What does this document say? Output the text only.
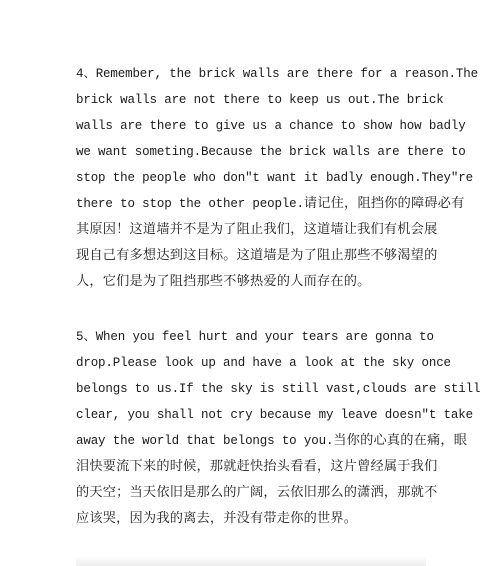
4、Remember, the brick walls are there for a reason.The
brick walls are not there to keep us out.The brick
walls are there to give us a chance to show how badly
we want someting.Because the brick walls are there to
stop the people who don"t want it badly enough.They"re
there to stop the other people.请记住，阻挡你的障碍必有
其原因！这道墙并不是为了阻止我们，这道墙让我们有机会展
现自己有多想达到这目标。这道墙是为了阻止那些不够渴望的
人，它们是为了阻挡那些不够热爱的人而存在的。
5、When you feel hurt and your tears are gonna to
drop.Please look up and have a look at the sky once
belongs to us.If the sky is still vast,clouds are still
clear, you shall not cry because my leave doesn"t take
away the world that belongs to you.当你的心真的在痛，眼
泪快要流下来的时候，那就赶快抬头看看，这片曾经属于我们
的天空；当天依旧是那么的广阔，云依旧那么的潇洒，那就不
应该哭，因为我的离去，并没有带走你的世界。
